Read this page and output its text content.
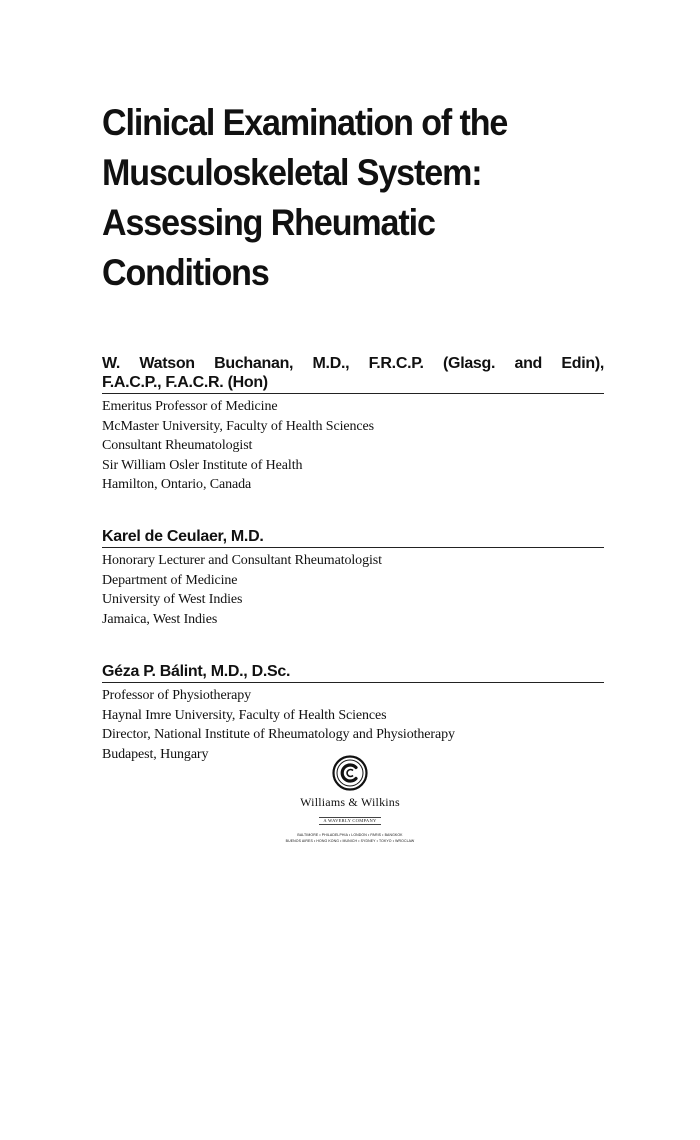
Clinical Examination of the
Musculoskeletal System:
Assessing Rheumatic
Conditions
W. Watson Buchanan, M.D., F.R.C.P. (Glasg. and Edin),
F.A.C.P., F.A.C.R. (Hon)
Emeritus Professor of Medicine
McMaster University, Faculty of Health Sciences
Consultant Rheumatologist
Sir William Osler Institute of Health
Hamilton, Ontario, Canada
Karel de Ceulaer, M.D.
Honorary Lecturer and Consultant Rheumatologist
Department of Medicine
University of West Indies
Jamaica, West Indies
Géza P. Bálint, M.D., D.Sc.
Professor of Physiotherapy
Haynal Imre University, Faculty of Health Sciences
Director, National Institute of Rheumatology and Physiotherapy
Budapest, Hungary
Williams & Wilkins
A WAVERLY COMPANY
BALTIMORE • PHILADELPHIA • LONDON • PARIS • BANGKOK
BUENOS AIRES • HONG KONG • MUNICH • SYDNEY • TOKYO • WROCLAW
